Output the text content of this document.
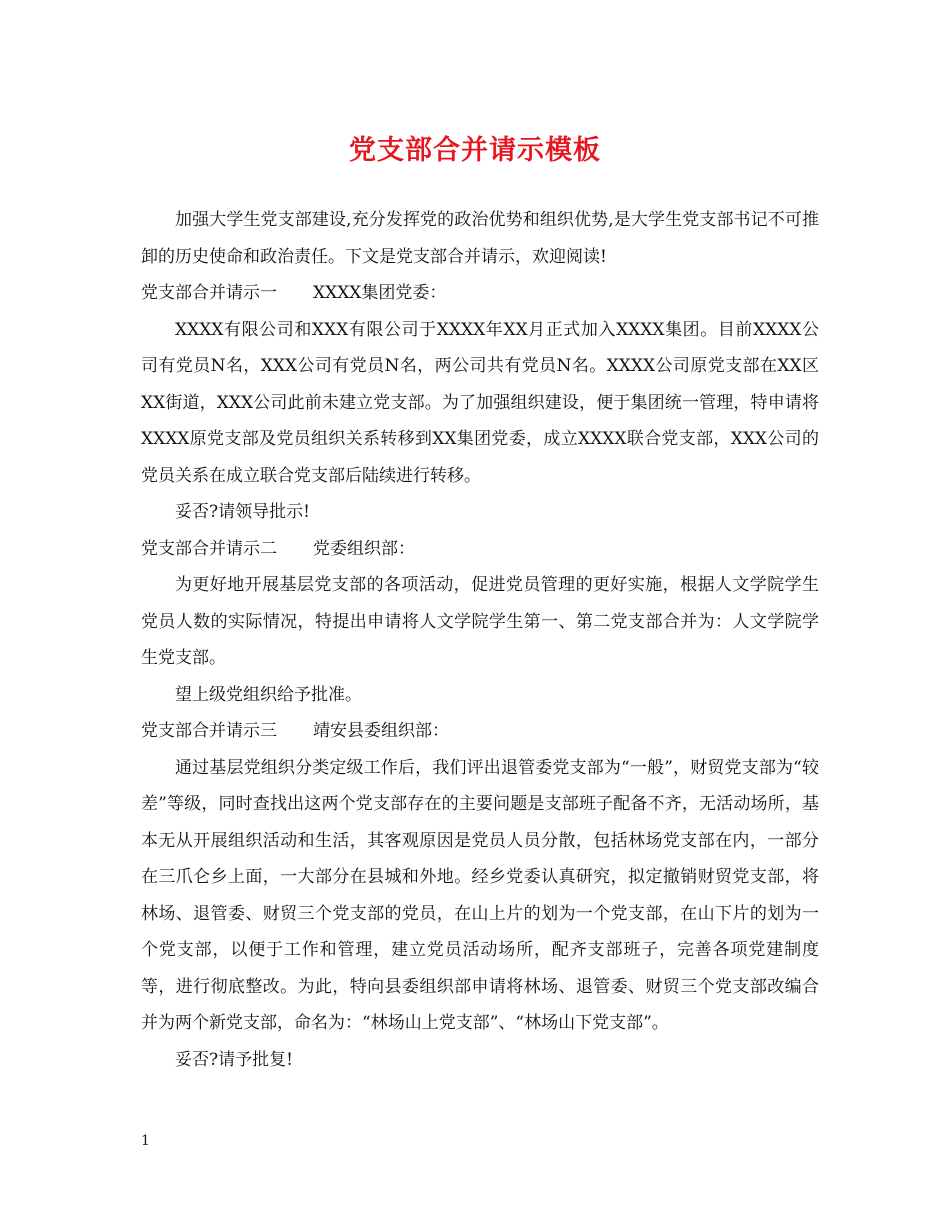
党支部合并请示模板

加强大学生党支部建设,充分发挥党的政治优势和组织优势,是大学生党支部书记不可推卸的历史使命和政治责任。下文是党支部合并请示，欢迎阅读!

党支部合并请示一 XXXX集团党委：

XXXX有限公司和XXX有限公司于XXXX年XX月正式加入XXXX集团。目前XXXX公司有党员N名，XXX公司有党员N名，两公司共有党员N名。XXXX公司原党支部在XX区XX街道，XXX公司此前未建立党支部。为了加强组织建设，便于集团统一管理，特申请将XXXX原党支部及党员组织关系转移到XX集团党委，成立XXXX联合党支部，XXX公司的党员关系在成立联合党支部后陆续进行转移。

妥否?请领导批示!

党支部合并请示二 党委组织部：

为更好地开展基层党支部的各项活动，促进党员管理的更好实施，根据人文学院学生党员人数的实际情况，特提出申请将人文学院学生第一、第二党支部合并为：人文学院学生党支部。

望上级党组织给予批准。

党支部合并请示三 靖安县委组织部：

通过基层党组织分类定级工作后，我们评出退管委党支部为“一般”，财贸党支部为“较差”等级，同时查找出这两个党支部存在的主要问题是支部班子配备不齐，无活动场所，基本无从开展组织活动和生活，其客观原因是党员人员分散，包括林场党支部在内，一部分在三爪仑乡上面，一大部分在县城和外地。经乡党委认真研究，拟定撤销财贸党支部，将林场、退管委、财贸三个党支部的党员，在山上片的划为一个党支部，在山下片的划为一个党支部，以便于工作和管理，建立党员活动场所，配齐支部班子，完善各项党建制度等，进行彻底整改。为此，特向县委组织部申请将林场、退管委、财贸三个党支部改编合并为两个新党支部，命名为：“林场山上党支部”、“林场山下党支部”。

妥否?请予批复!

1
